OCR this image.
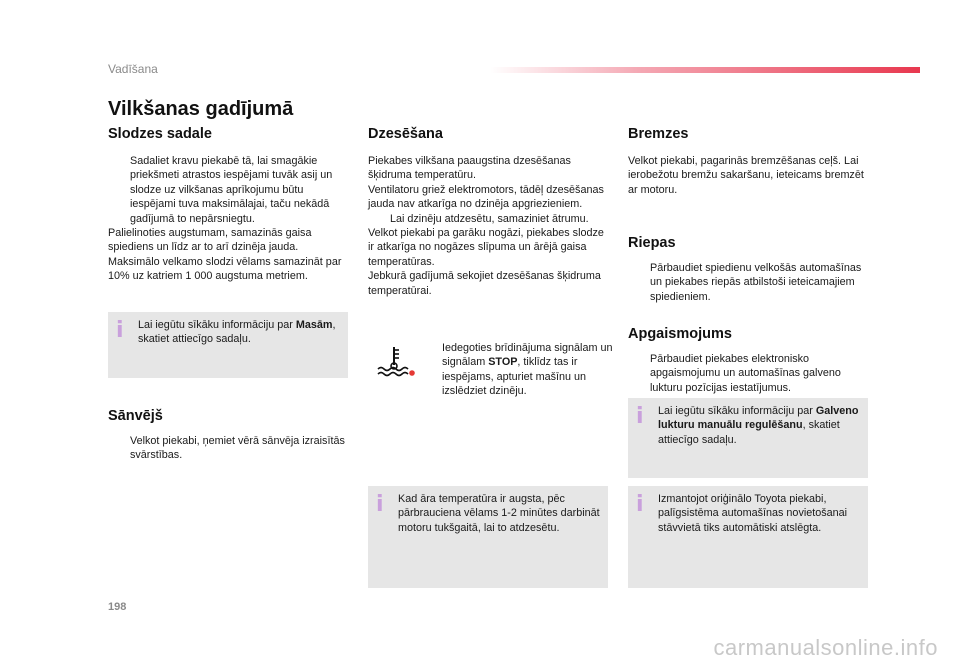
Vadīšana
Vilkšanas gadījumā
Slodzes sadale
Sadaliet kravu piekabē tā, lai smagākie priekšmeti atrastos iespējami tuvāk asij un slodze uz vilkšanas aprīkojumu būtu iespējami tuva maksimālajai, taču nekādā gadījumā to nepārsniegtu.
Palielinoties augstumam, samazinās gaisa spiediens un līdz ar to arī dzinēja jauda. Maksimālo velkamo slodzi vēlams samazināt par 10% uz katriem 1 000 augstuma metriem.
i	Lai iegūtu sīkāku informāciju par Masām, skatiet attiecīgo sadaļu.
Sānvējš
Velkot piekabi, ņemiet vērā sānvēja izraisītās svārstības.
Dzesēšana
Piekabes vilkšana paaugstina dzesēšanas šķidruma temperatūru.
Ventilatoru griež elektromotors, tādēļ dzesēšanas jauda nav atkarīga no dzinēja apgriezieniem.
Lai dzinēju atdzesētu, samaziniet ātrumu.
Velkot piekabi pa garāku nogāzi, piekabes slodze ir atkarīga no nogāzes slīpuma un ārējā gaisa temperatūras.
Jebkurā gadījumā sekojiet dzesēšanas šķidruma temperatūrai.
Iedegoties brīdinājuma signālam un signālam STOP, tiklīdz tas ir iespējams, apturiet mašīnu un izslēdziet dzinēju.
i	Kad āra temperatūra ir augsta, pēc pārbrauciena vēlams 1-2 minūtes darbināt motoru tukšgaitā, lai to atdzesētu.
Bremzes
Velkot piekabi, pagarinās bremzēšanas ceļš. Lai ierobežotu bremžu sakaršanu, ieteicams bremzēt ar motoru.
Riepas
Pārbaudiet spiedienu velkošās automašīnas un piekabes riepās atbilstoši ieteicamajiem spiedieniem.
Apgaismojums
Pārbaudiet piekabes elektronisko apgaismojumu un automašīnas galveno lukturu pozīcijas iestatījumus.
i	Lai iegūtu sīkāku informāciju par Galveno lukturu manuālu regulēšanu, skatiet attiecīgo sadaļu.
i	Izmantojot oriģinālo Toyota piekabi, palīgsistēma automašīnas novietošanai stāvvietā tiks automātiski atslēgta.
198
carmanualsonline.info
